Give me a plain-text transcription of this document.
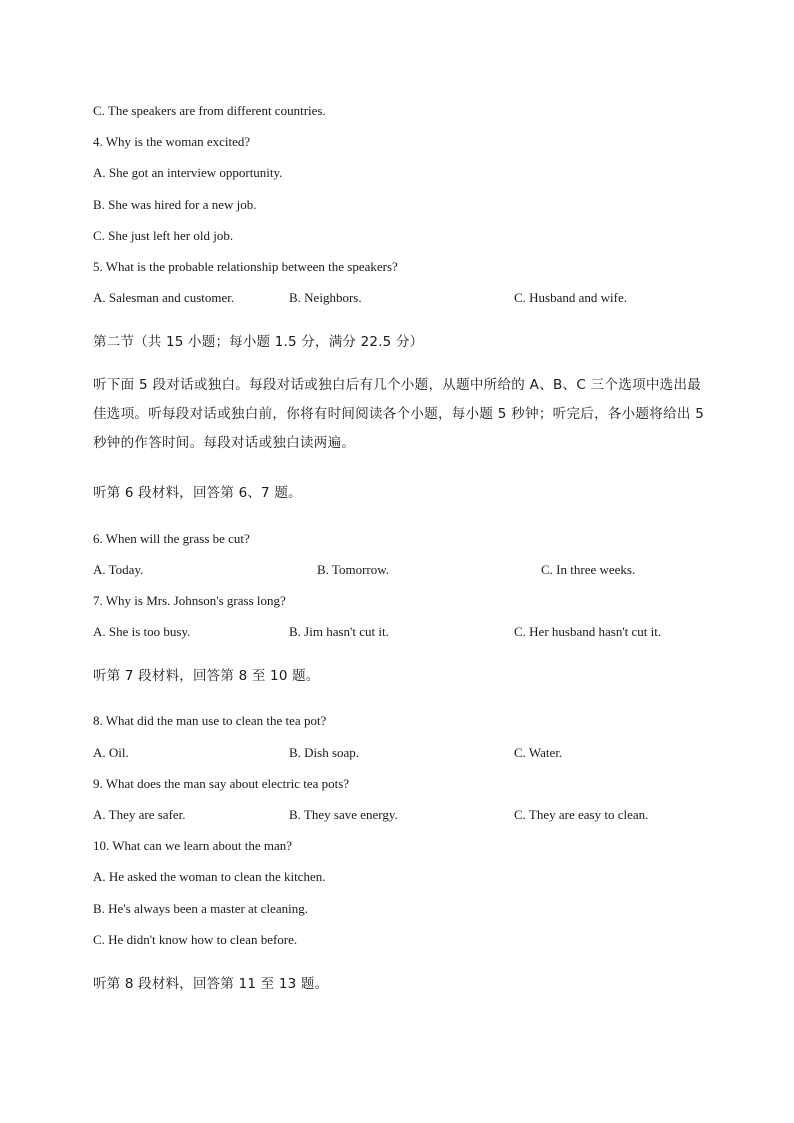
C. The speakers are from different countries.
4. Why is the woman excited?
A. She got an interview opportunity.
B. She was hired for a new job.
C. She just left her old job.
5. What is the probable relationship between the speakers?
A. Salesman and customer.	B. Neighbors.	C. Husband and wife.
第二节（共 15 小题；每小题 1.5 分，满分 22.5 分）
听下面 5 段对话或独白。每段对话或独白后有几个小题，从题中所给的 A、B、C 三个选项中选出最
佳选项。听每段对话或独白前，你将有时间阅读各个小题，每小题 5 秒钟；听完后，各小题将给出 5
秒钟的作答时间。每段对话或独白读两遍。
听第 6 段材料，回答第 6、7 题。
6. When will the grass be cut?
A. Today.	B. Tomorrow.	C. In three weeks.
7. Why is Mrs. Johnson's grass long?
A. She is too busy.	B. Jim hasn't cut it.	C. Her husband hasn't cut it.
听第 7 段材料，回答第 8 至 10 题。
8. What did the man use to clean the tea pot?
A. Oil.	B. Dish soap.	C. Water.
9. What does the man say about electric tea pots?
A. They are safer.	B. They save energy.	C. They are easy to clean.
10. What can we learn about the man?
A. He asked the woman to clean the kitchen.
B. He's always been a master at cleaning.
C. He didn't know how to clean before.
听第 8 段材料，回答第 11 至 13 题。
